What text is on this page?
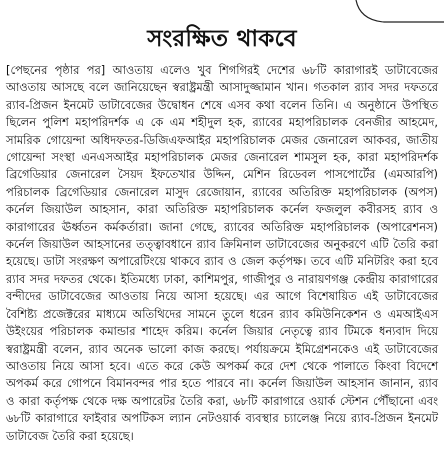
সংরক্ষিত থাকবে
[পেছনের পৃষ্ঠার পর] আওতায় এলেও খুব শিগগিরই দেশের ৬৮টি কারাগারই ডাটাবেজের আওতায় আসছে বলে জানিয়েছেন স্বরাষ্ট্রমন্ত্রী আসাদুজ্জামান খান। গতকাল র‌্যাব সদর দফতরে র‌্যাব-প্রিজন ইনমেট ডাটাবেজের উদ্বোধন শেষে এসব কথা বলেন তিনি। এ অনুষ্ঠানে উপস্থিত ছিলেন পুলিশ মহাপরিদর্শক এ কে এম শহীদুল হক, র‌্যাবের মহাপরিচালক বেনজীর আহমেদ, সামরিক গোয়েন্দা অধিদফতর-ডিজিএফআইর মহাপরিচালক মেজর জেনারেল আকবর, জাতীয় গোয়েন্দা সংস্থা এনএসআইর মহাপরিচালক মেজর জেনারেল শামসুল হক, কারা মহাপরিদর্শক ব্রিগেডিয়ার জেনারেল সৈয়দ ইফতেখার উদ্দিন, মেশিন রিডেবল পাসপোর্টের (এমআরপি) পরিচালক ব্রিগেডিয়ার জেনারেল মাসুদ রেজোয়ান, র‌্যাবের অতিরিক্ত মহাপরিচালক (অপস) কর্নেল জিয়াউল আহসান, কারা অতিরিক্ত মহাপরিচালক কর্নেল ফজলুল কবীরসহ র‌্যাব ও কারাগারের ঊর্ধ্বতন কর্মকর্তারা। জানা গেছে, র‌্যাবের অতিরিক্ত মহাপরিচালক (অপারেশনস) কর্নেল জিয়াউল আহসানের তত্ত্বাবধানে র‌্যাব ক্রিমিনাল ডাটাবেজের অনুকরণে এটি তৈরি করা হয়েছে। ডাটা সংরক্ষণ অপারেটিংয়ে থাকবে র‌্যাব ও জেল কর্তৃপক্ষ। তবে এটি মনিটরিং করা হবে র‌্যাব সদর দফতর থেকে। ইতিমধ্যে ঢাকা, কাশিমপুর, গাজীপুর ও নারায়ণগঞ্জ কেন্দ্রীয় কারাগারের বন্দীদের ডাটাবেজের আওতায় নিয়ে আসা হয়েছে। এর আগে বিশেষায়িত এই ডাটাবেজের বৈশিষ্ট্য প্রজেক্টরের মাধ্যমে অতিথিদের সামনে তুলে ধরেন র‌্যাব কমিউনিকেশন ও এমআইএস উইংয়ের পরিচালক কমান্ডার শাহেদ করিম। কর্নেল জিয়ার নেতৃত্বে র‌্যাব টিমকে ধন্যবাদ দিয়ে স্বরাষ্ট্রমন্ত্রী বলেন, র‌্যাব অনেক ভালো কাজ করছে। পর্যায়ক্রমে ইমিগ্রেশনকেও এই ডাটাবেজের আওতায় নিয়ে আসা হবে। এতে করে কেউ অপকর্ম করে দেশ থেকে পালাতে কিংবা বিদেশে অপকর্ম করে গোপনে বিমানবন্দর পার হতে পারবে না। কর্নেল জিয়াউল আহসান জানান, র‌্যাব ও কারা কর্তৃপক্ষ থেকে দক্ষ অপারেটর তৈরি করা, ৬৮টি কারাগারে ওয়ার্ক স্টেশন পৌঁছানো এবং ৬৮টি কারাগারে ফাইবার অপটিকস ল্যান নেটওয়ার্ক ব্যবস্থার চ্যালেঞ্জ নিয়ে র‌্যাব-প্রিজন ইনমেট ডাটাবেজ তৈরি করা হয়েছে।
